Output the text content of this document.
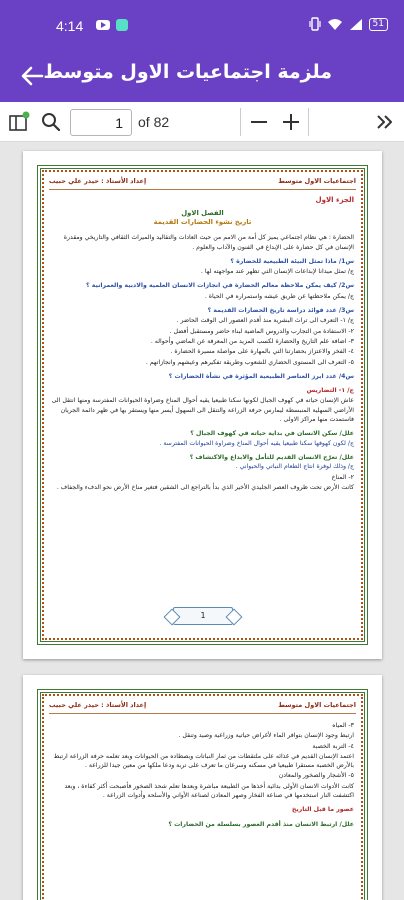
4:14	51
ملزمة اجتماعيات الاول متوسط
1
of 82
اجتماعيات الاول متوسط
إعداد الأستاذ : حيدر علي حبيب
الجزء الاول
الفصل الاول
تاريخ نشوء الحضارات القديمة
الحضارة : هي نظام اجتماعي يميز كل أمة من الامم من حيث العادات والتقاليد والميراث الثقافي والتاريخي ومقدرة الإنسان في كل حضارة على الإبداع في الفنون والآداب والعلوم .
س1/ ماذا تمثل البيئة الطبيعية للحضارة ؟
ج/ تمثل ميدانا لإبداعات الإنسان التي تظهر عند مواجهته لها .
س2/ كيف يمكن ملاحظة معالم الحضارة في انجازات الانسان العلمية والادبية والعمرانية ؟
ج/ يمكن ملاحظتها عن طريق عيشه واستمراره في الحياة .
س3/ عدد فوائد دراسة تاريخ الحضارات القديمة ؟
ج/ ١- التعرف الى تراث البشرية منذ أقدم العصور الى الوقت الحاضر .
٢- الاستفادة من التجارب والدروس الماضية لبناء حاضر ومستقبل أفضل .
٣- اضافة علم التاريخ والحضارة لكسب المزيد من المعرفة عن الماضي وأحواله .
٤- الفخر والاعتزاز بحضارتنا التي بالمهارة على مواصلة مسيرة الحضارة .
٥- التعرف الى المستوى الحضاري للشعوب وطريقة تفكيرهم وعيشهم وانجازاتهم .
س4/ عدد ابرز العناصر الطبيعية المؤثرة في نشأة الحضارات ؟
ج/ ١- التضاريس
عاش الإنسان حياته في كهوف الجبال لكونها سكنا طبيعيا يقيه أحوال المناخ وضراوة الحيوانات المفترسة ومنها انتقل الى الأراضي السهلية المنبسطة ليمارس حرفة الزراعة والتنقل الى السهول أيسر منها ويستقر بها في ظهر دائمة الجريان فاستمدت منها مراكز الاولى .
علل/ سكن الانسان في بداية حياته في كهوف الجبال ؟
ج/ لكون كهوفها سكنا طبيعيا يقيه أحوال المناخ وضراوة الحيوانات المفترسة .
علل/ تعرّج الانسان القديم للتأمل والابداع والاكتشاف ؟
ج/ وذلك لوفرة انتاج الطعام النباتي والحيواني .
٢- المناخ
كانت الأرض تحت ظروف العصر الجليدي الأخير الذي بدأ بالتراجع الى الشقين فتغير مناخ الأرض نحو الدفء والجفاف .
1
اجتماعيات الاول متوسط
إعداد الأستاذ : حيدر علي حبيب
٣- المياه
ارتبط وجود الإنسان بتوافر الماء لأغراض حياتية وزراعية وصيد وتنقل .
٤- التربة الخصبة
اعتمد الإنسان القديم في غذائه على ملتقطات من ثمار النباتات وبصطاده من الحيوانات وبعد تعلمه حرفة الزراعة ارتبط بالأرض الخصبة مستقرا طبيعيا في مسكنه وسرعان ما تعرف على تربة ودعا ملكها من معين جيدا للزراعة .
٥- الأشجار والصخور والمعادن
كانت الأدوات الانسان الأولى بدائية أخذها من الطبيعة مباشرة وبعدها تعلم شحذ الصخور فأصبحت أكثر كفاءة ، وبعد اكتشفت النار استخدمها في صناعة الفخار وصهر المعادن لصناعة الأواني والأسلحة وأدوات الزراعة .
عصور ما قبل التاريخ
علل/ ارتبط الانسان منذ أقدم العصور بسلسلة من الحضارات ؟
